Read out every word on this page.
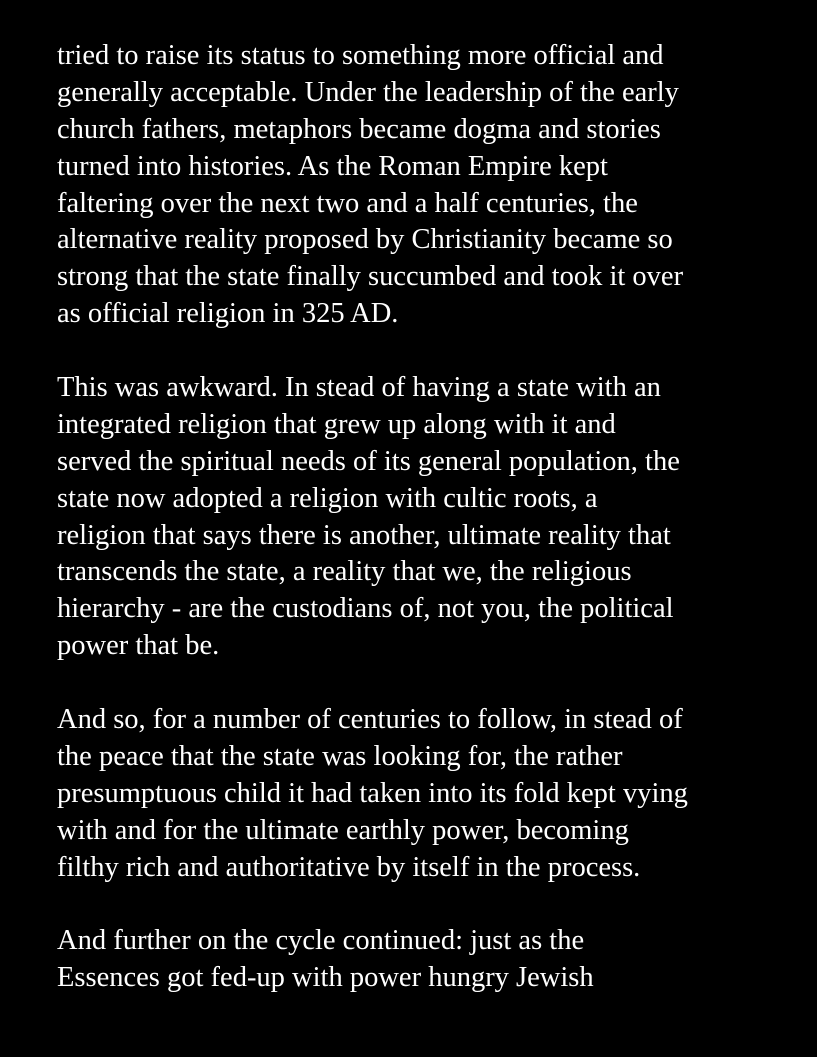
tried to raise its status to something more official and
generally acceptable. Under the leadership of the early
church fathers, metaphors became dogma and stories
turned into histories. As the Roman Empire kept
faltering over the next two and a half centuries, the
alternative reality proposed by Christianity became so
strong that the state finally succumbed and took it over
as official religion in 325 AD.

This was awkward. In stead of having a state with an
integrated religion that grew up along with it and
served the spiritual needs of its general population, the
state now adopted a religion with cultic roots, a
religion that says there is another, ultimate reality that
transcends the state, a reality that we, the religious
hierarchy - are the custodians of, not you, the political
power that be.

And so, for a number of centuries to follow, in stead of
the peace that the state was looking for, the rather
presumptuous child it had taken into its fold kept vying
with and for the ultimate earthly power, becoming
filthy rich and authoritative by itself in the process.

And further on the cycle continued: just as the
Essences got fed-up with power hungry Jewish
